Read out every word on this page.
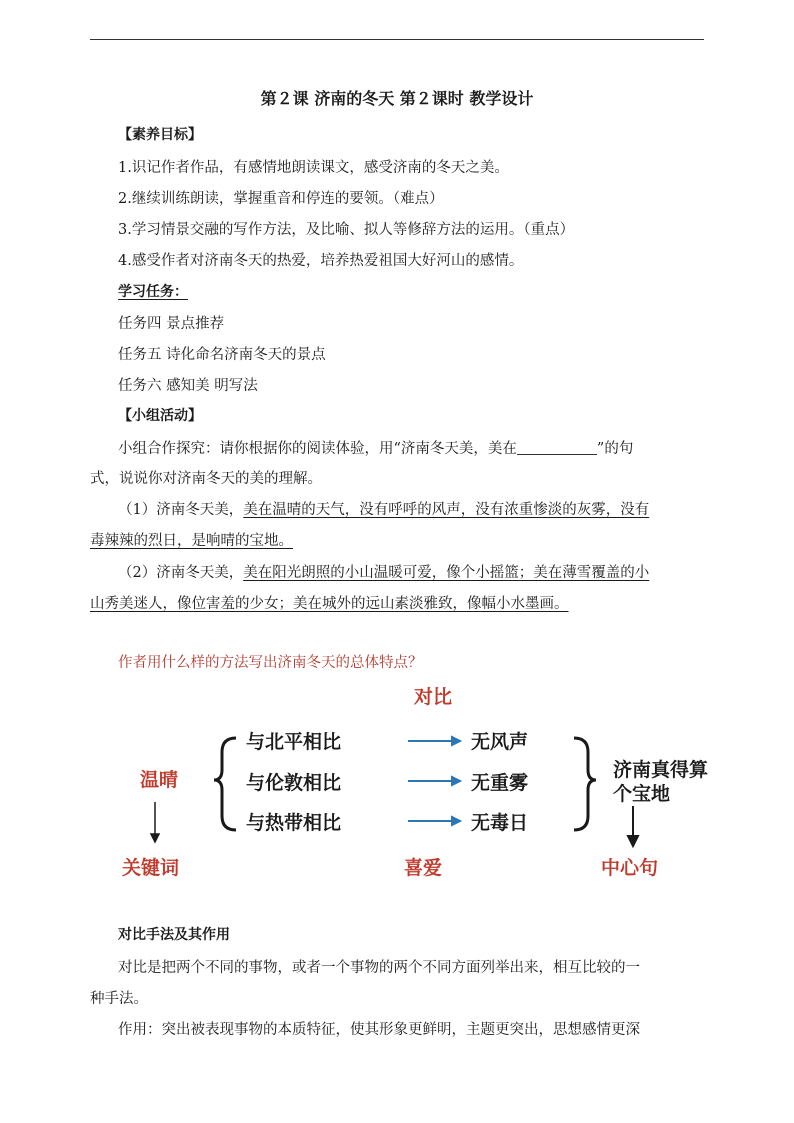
第２课 济南的冬天 第２课时 教学设计
【素养目标】
1.识记作者作品，有感情地朗读课文，感受济南的冬天之美。
2.继续训练朗读，掌握重音和停连的要领。（难点）
3.学习情景交融的写作方法，及比喻、拟人等修辞方法的运用。（重点）
4.感受作者对济南冬天的热爱，培养热爱祖国大好河山的感情。
学习任务：
任务四 景点推荐
任务五 诗化命名济南冬天的景点
任务六 感知美 明写法
【小组活动】
小组合作探究：请你根据你的阅读体验，用“济南冬天美，美在	”的句
式，说说你对济南冬天的美的理解。
（1）济南冬天美，美在温晴的天气，没有呼呼的风声，没有浓重惨淡的灰雾，没有
毒辣辣的烈日，是响晴的宝地。
（2）济南冬天美，美在阳光朗照的小山温暖可爱，像个小摇篮；美在薄雪覆盖的小
山秀美迷人，像位害羞的少女；美在城外的远山素淡雅致，像幅小水墨画。
作者用什么样的方法写出济南冬天的总体特点？
对比
温晴
与北平相比
与伦敦相比
与热带相比
无风声
无重雾
无毒日
济南真得算
个宝地
关键词	喜爱	中心句
对比手法及其作用
对比是把两个不同的事物，或者一个事物的两个不同方面列举出来，相互比较的一
种手法。
作用：突出被表现事物的本质特征，使其形象更鲜明，主题更突出，思想感情更深
